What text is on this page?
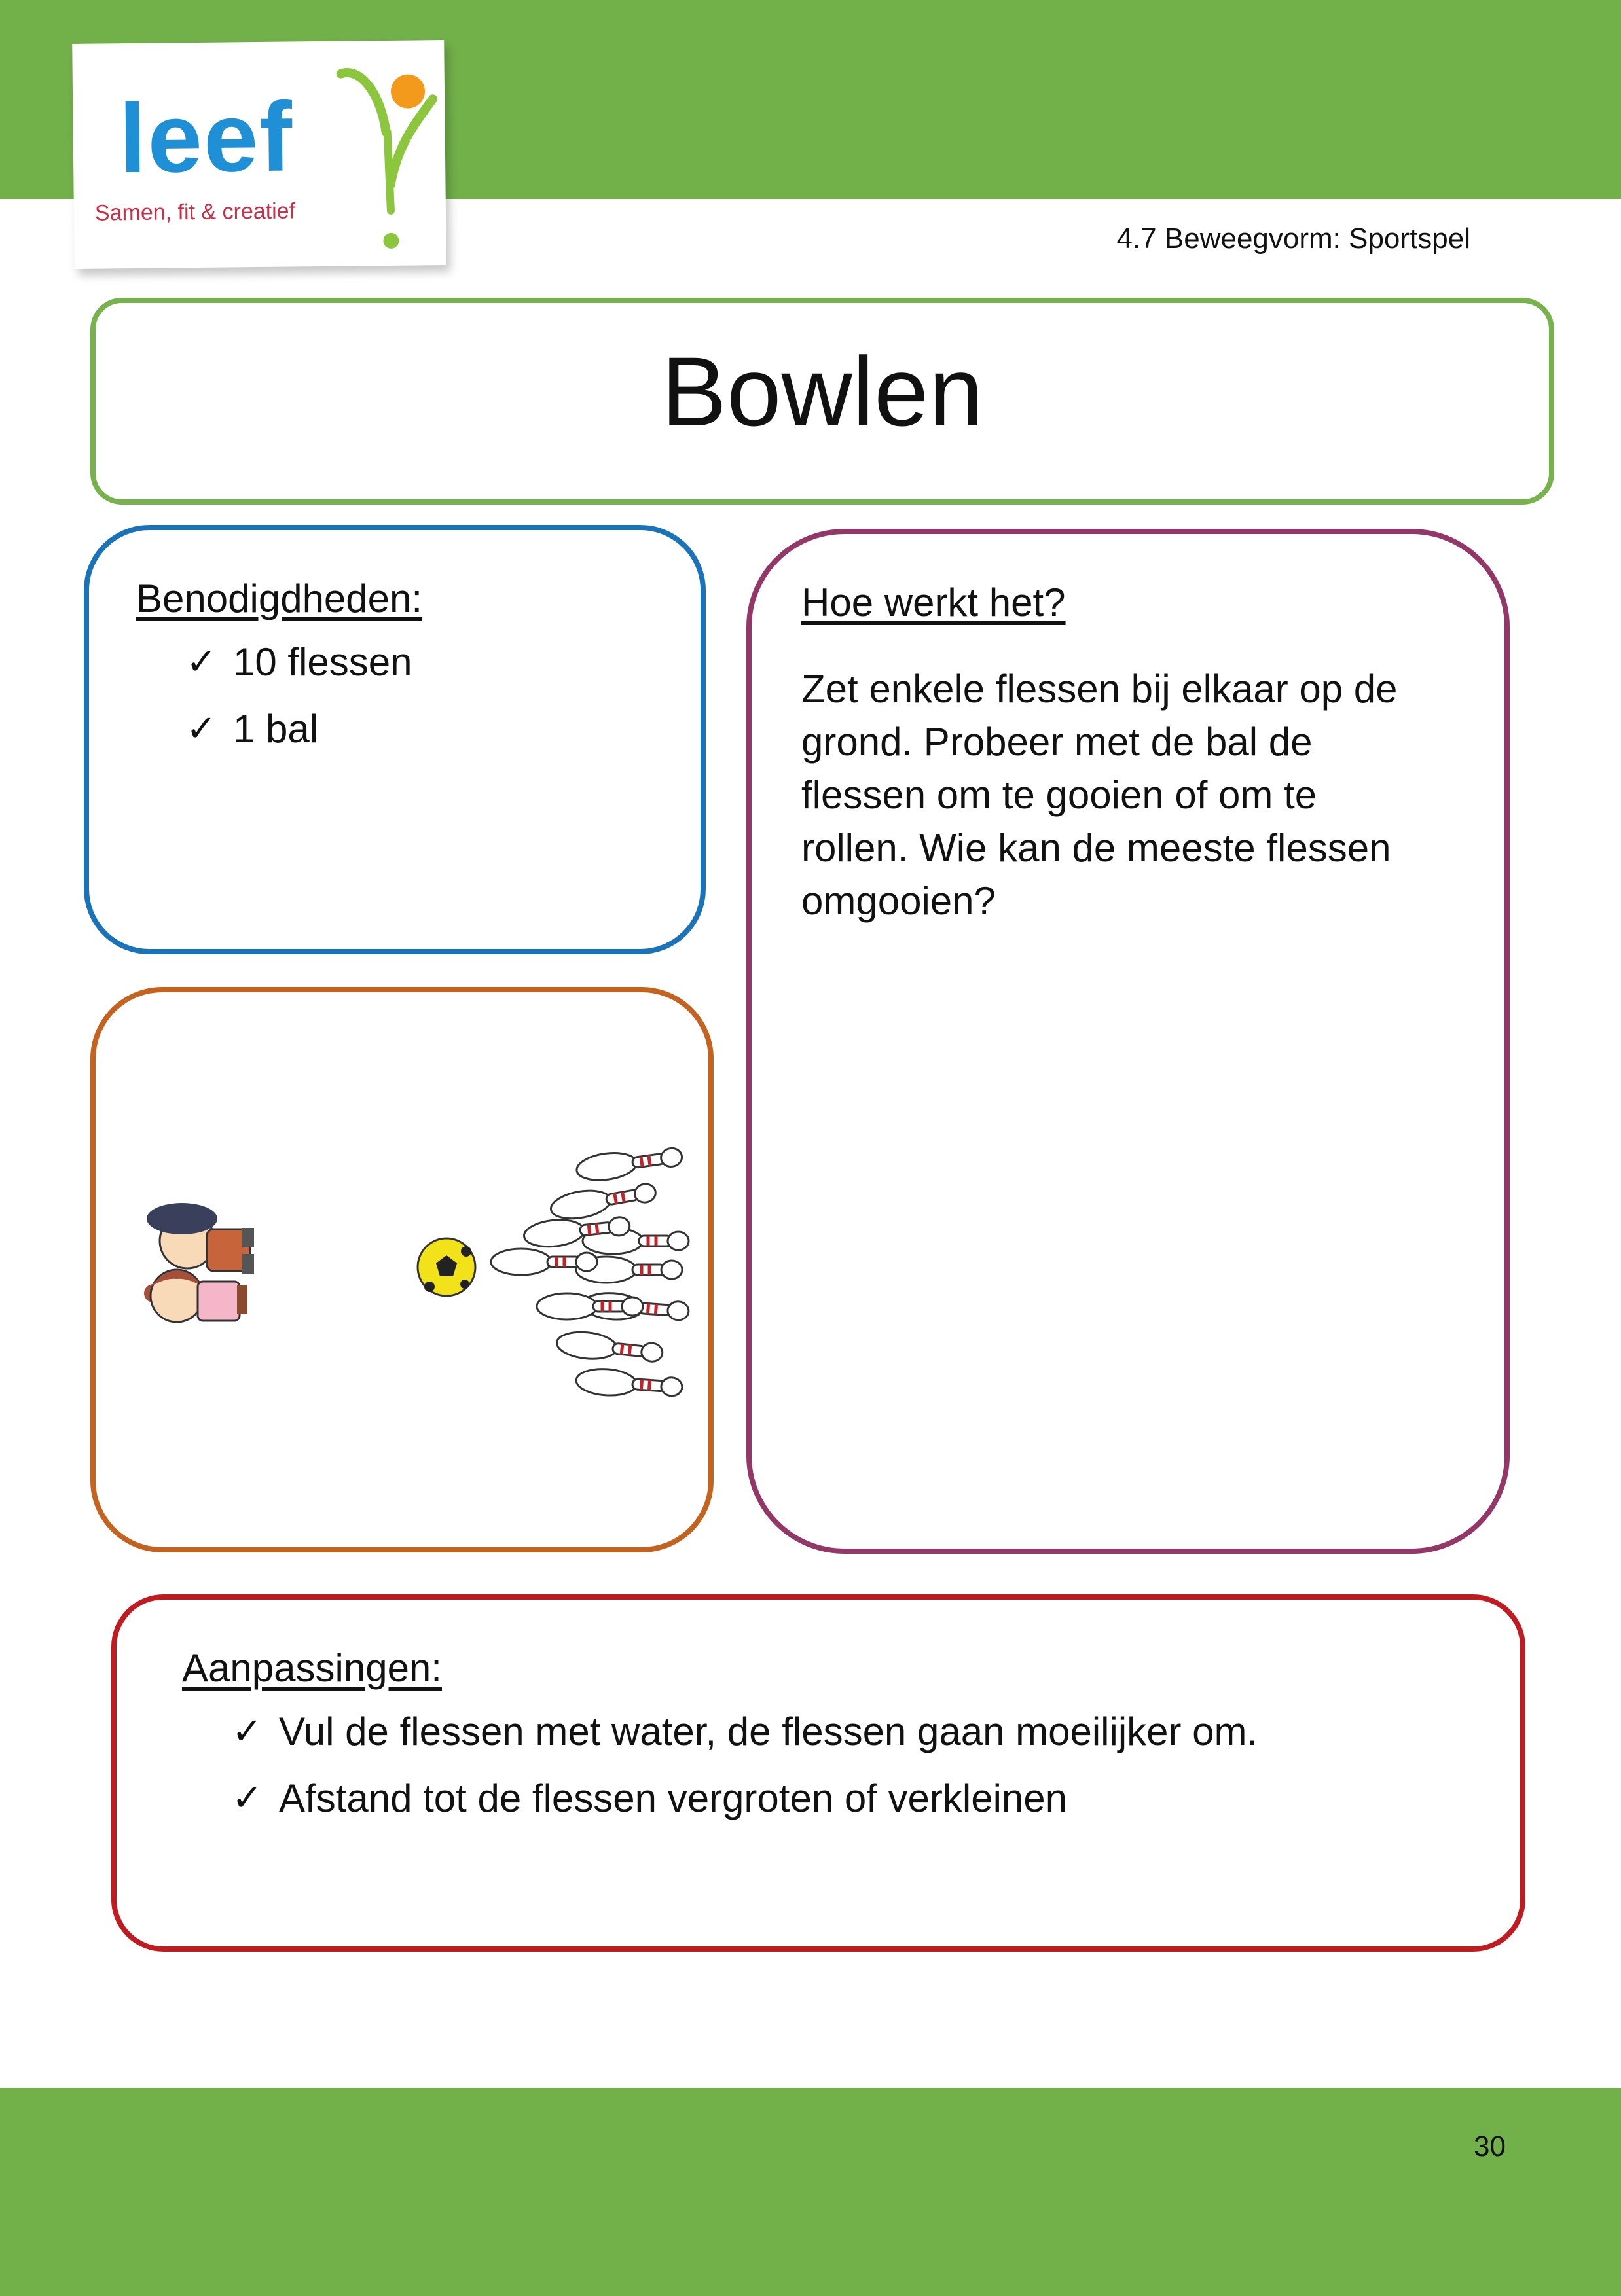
leef
Samen, fit & creatief
4.7 Beweegvorm: Sportspel
Bowlen
Benodigdheden:
✓ 10 flessen
✓ 1 bal
Hoe werkt het?
Zet enkele flessen bij elkaar op de
grond. Probeer met de bal de
flessen om te gooien of om te
rollen. Wie kan de meeste flessen
omgooien?
Aanpassingen:
✓ Vul de flessen met water, de flessen gaan moeilijker om.
✓ Afstand tot de flessen vergroten of verkleinen
30
